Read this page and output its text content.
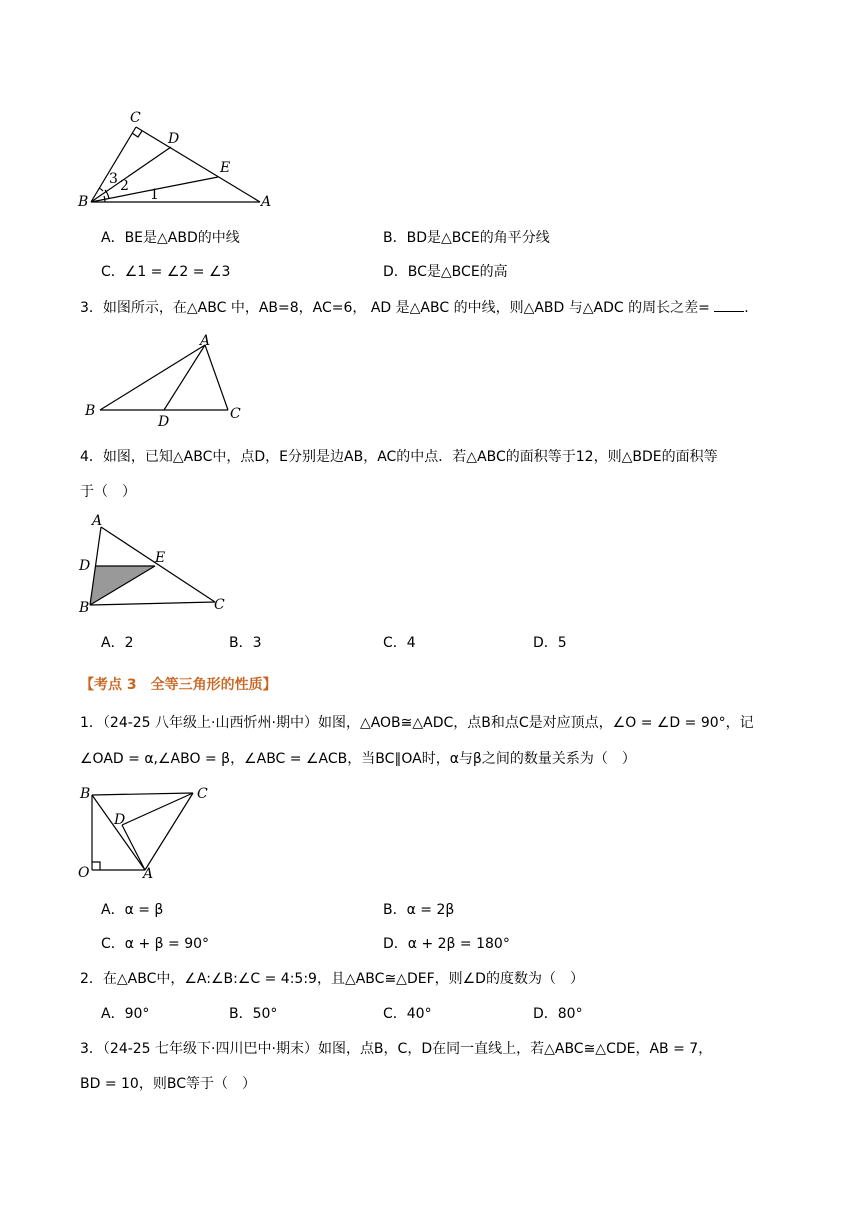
C
D
E
B	A
1
2
3
A．BE是△ABD的中线	B．BD是△BCE的角平分线
C．∠1 = ∠2 = ∠3	D．BC是△BCE的高
3．如图所示，在△ABC 中，AB=8，AC=6， AD 是△ABC 的中线，则△ABD 与△ADC 的周长之差= .
A
B	C
D
4．如图，已知△ABC中，点D，E分别是边AB，AC的中点．若△ABC的面积等于12，则△BDE的面积等
于（　）
A
D	E
B	C
A．2	B．3	C．4	D．5
【考点 3　全等三角形的性质】
1．（24-25 八年级上·山西忻州·期中）如图，△AOB≅△ADC，点B和点C是对应顶点，∠O = ∠D = 90°，记
∠OAD = α,∠ABO = β，∠ABC = ∠ACB，当BC∥OA时，α与β之间的数量关系为（　）
B	C
D
O	A
A．α = β	B．α = 2β
C．α + β = 90°	D．α + 2β = 180°
2．在△ABC中，∠A:∠B:∠C = 4:5:9，且△ABC≅△DEF，则∠D的度数为（　）
A．90°	B．50°	C．40°	D．80°
3．（24-25 七年级下·四川巴中·期末）如图，点B，C，D在同一直线上，若△ABC≅△CDE，AB = 7，
BD = 10，则BC等于（　）
